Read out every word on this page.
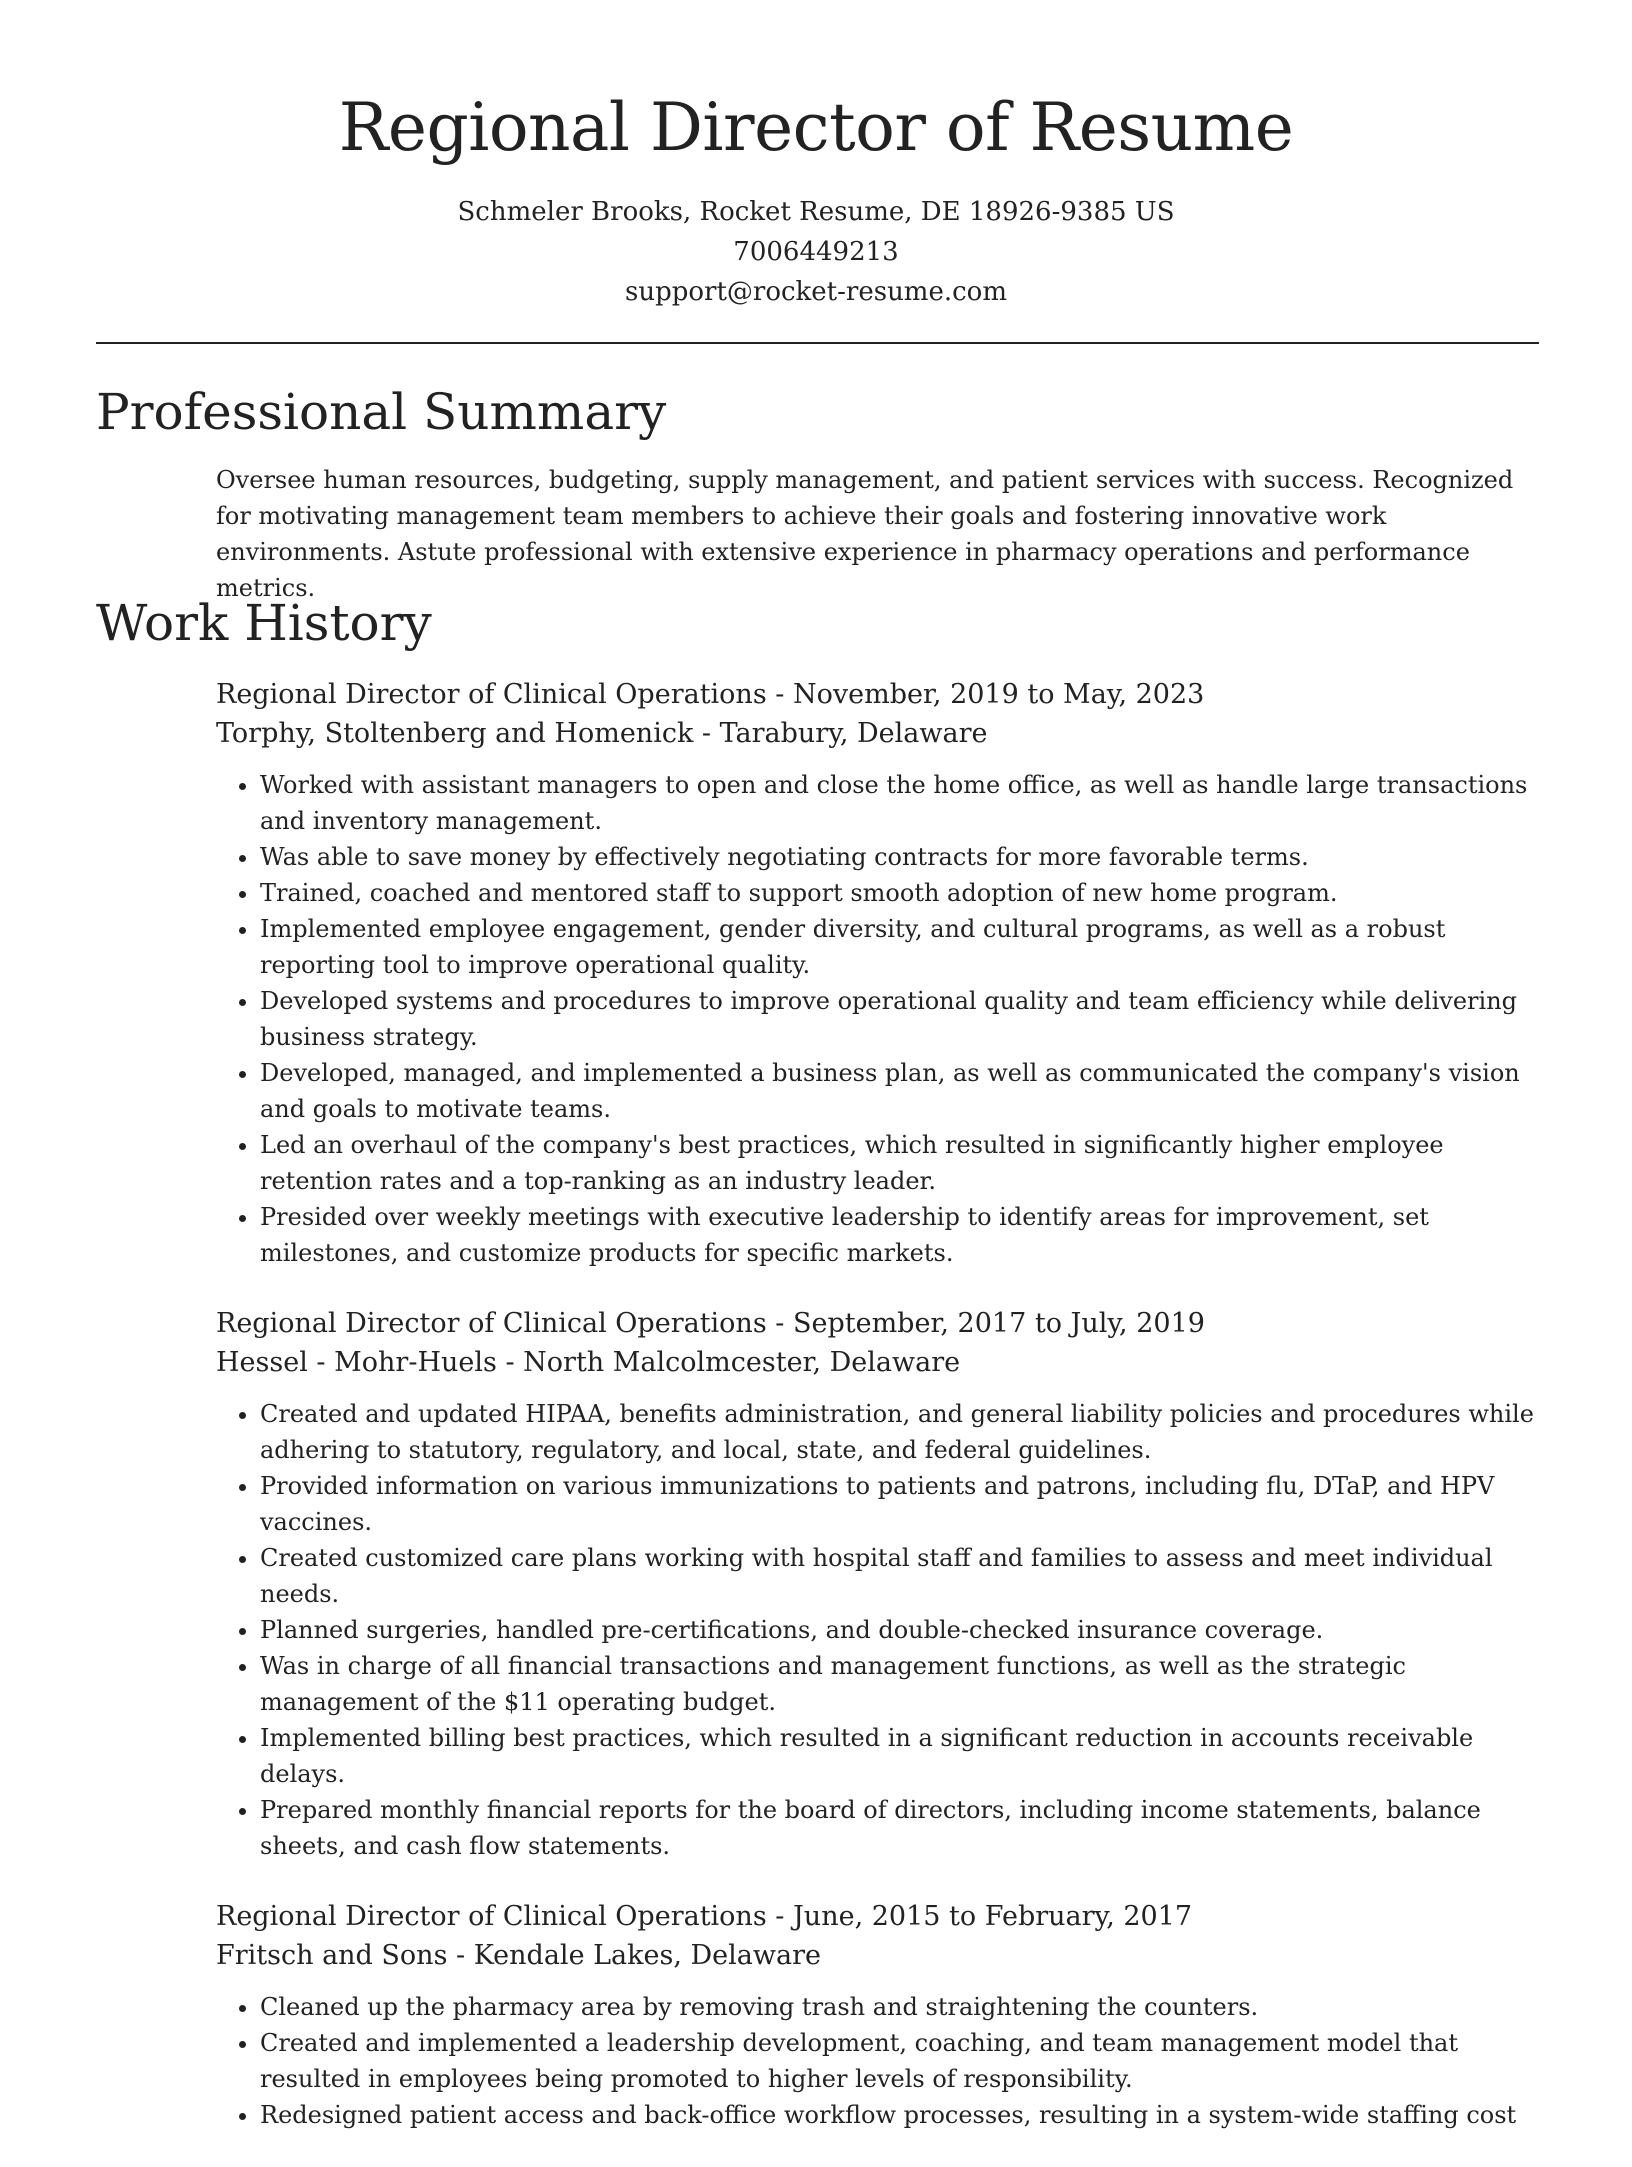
Regional Director of Resume

Schmeler Brooks, Rocket Resume, DE 18926-9385 US

7006449213

support@rocket-resume.com

Professional Summary

Oversee human resources, budgeting, supply management, and patient services with success. Recognized for motivating management team members to achieve their goals and fostering innovative work environments. Astute professional with extensive experience in pharmacy operations and performance metrics.

Work History

Regional Director of Clinical Operations - November, 2019 to May, 2023

Torphy, Stoltenberg and Homenick - Tarabury, Delaware

• Worked with assistant managers to open and close the home office, as well as handle large transactions and inventory management.
• Was able to save money by effectively negotiating contracts for more favorable terms.
• Trained, coached and mentored staff to support smooth adoption of new home program.
• Implemented employee engagement, gender diversity, and cultural programs, as well as a robust reporting tool to improve operational quality.
• Developed systems and procedures to improve operational quality and team efficiency while delivering business strategy.
• Developed, managed, and implemented a business plan, as well as communicated the company's vision and goals to motivate teams.
• Led an overhaul of the company's best practices, which resulted in significantly higher employee retention rates and a top-ranking as an industry leader.
• Presided over weekly meetings with executive leadership to identify areas for improvement, set milestones, and customize products for specific markets.

Regional Director of Clinical Operations - September, 2017 to July, 2019

Hessel - Mohr-Huels - North Malcolmcester, Delaware

• Created and updated HIPAA, benefits administration, and general liability policies and procedures while adhering to statutory, regulatory, and local, state, and federal guidelines.
• Provided information on various immunizations to patients and patrons, including flu, DTaP, and HPV vaccines.
• Created customized care plans working with hospital staff and families to assess and meet individual needs.
• Planned surgeries, handled pre-certifications, and double-checked insurance coverage.
• Was in charge of all financial transactions and management functions, as well as the strategic management of the $11 operating budget.
• Implemented billing best practices, which resulted in a significant reduction in accounts receivable delays.
• Prepared monthly financial reports for the board of directors, including income statements, balance sheets, and cash flow statements.

Regional Director of Clinical Operations - June, 2015 to February, 2017

Fritsch and Sons - Kendale Lakes, Delaware

• Cleaned up the pharmacy area by removing trash and straightening the counters.
• Created and implemented a leadership development, coaching, and team management model that resulted in employees being promoted to higher levels of responsibility.
• Redesigned patient access and back-office workflow processes, resulting in a system-wide staffing cost
